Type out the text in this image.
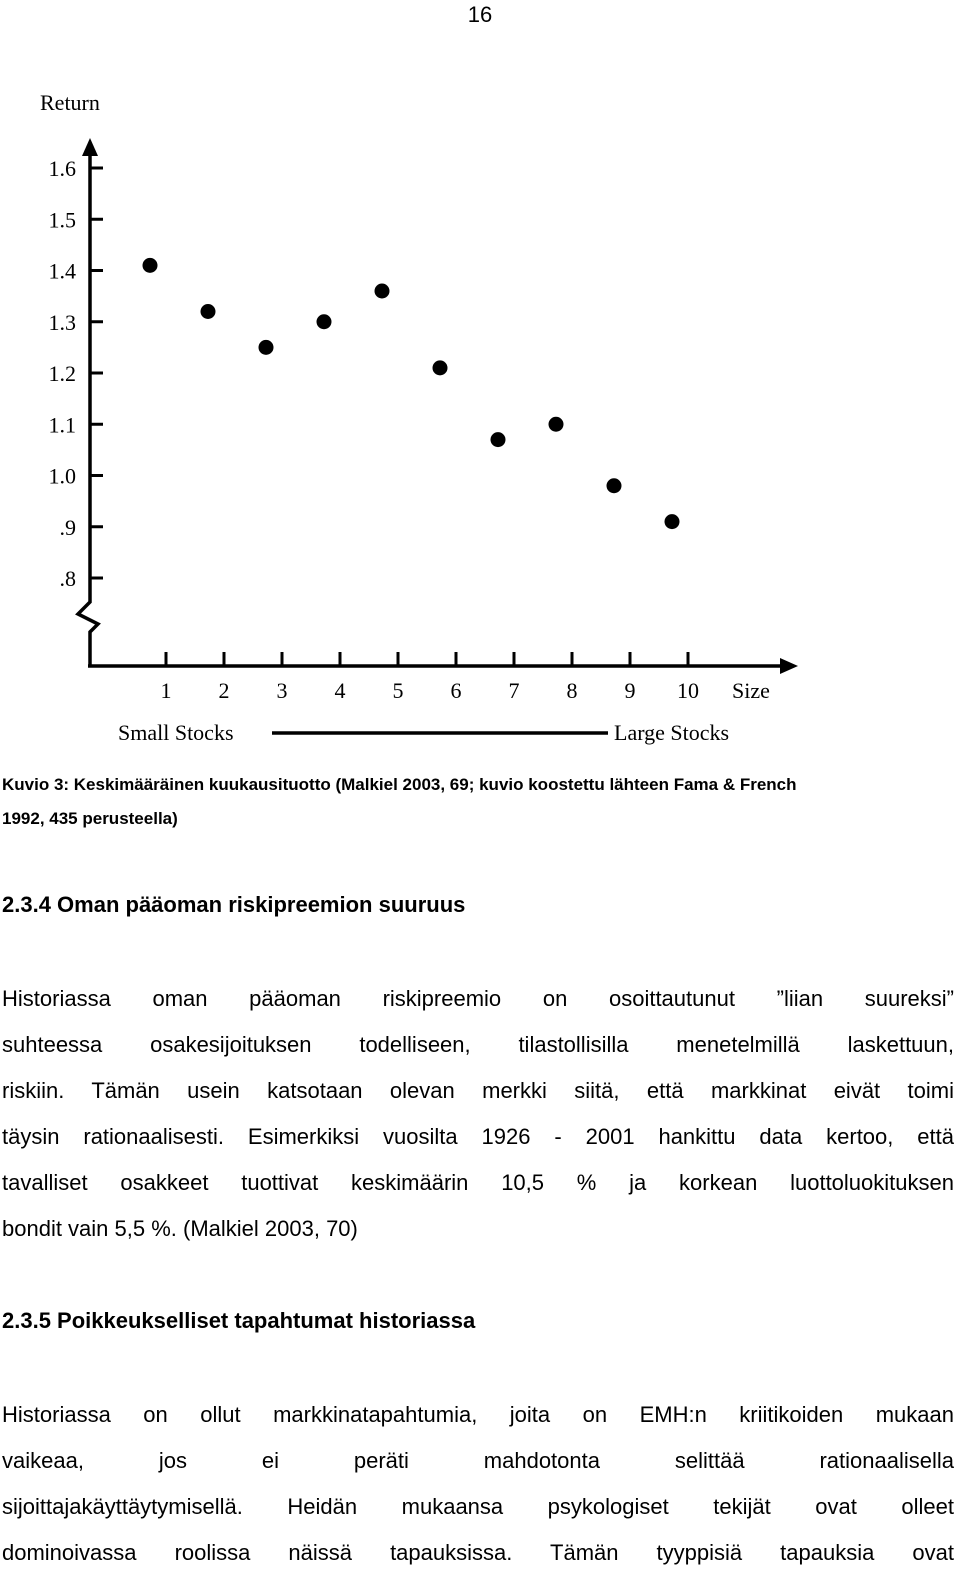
16
Return
Size
Small Stocks	Large Stocks
1.6
1.5
1.4
1.3
1.2
1.1
1.0
.9
.8
1 2 3 4 5 6 7 8 9 10
Kuvio 3: Keskimääräinen kuukausituotto (Malkiel 2003, 69; kuvio koostettu lähteen Fama & French
1992, 435 perusteella)
2.3.4 Oman pääoman riskipreemion suuruus
Historiassa oman pääoman riskipreemio on osoittautunut ”liian suureksi”
suhteessa osakesijoituksen todelliseen, tilastollisilla menetelmillä laskettuun,
riskiin. Tämän usein katsotaan olevan merkki siitä, että markkinat eivät toimi
täysin rationaalisesti. Esimerkiksi vuosilta 1926 - 2001 hankittu data kertoo, että
tavalliset osakkeet tuottivat keskimäärin 10,5 % ja korkean luottoluokituksen
bondit vain 5,5 %. (Malkiel 2003, 70)
2.3.5 Poikkeukselliset tapahtumat historiassa
Historiassa on ollut markkinatapahtumia, joita on EMH:n kriitikoiden mukaan
vaikeaa, jos ei peräti mahdotonta selittää rationaalisella
sijoittajakäyttäytymisellä. Heidän mukaansa psykologiset tekijät ovat olleet
dominoivassa roolissa näissä tapauksissa. Tämän tyyppisiä tapauksia ovat
